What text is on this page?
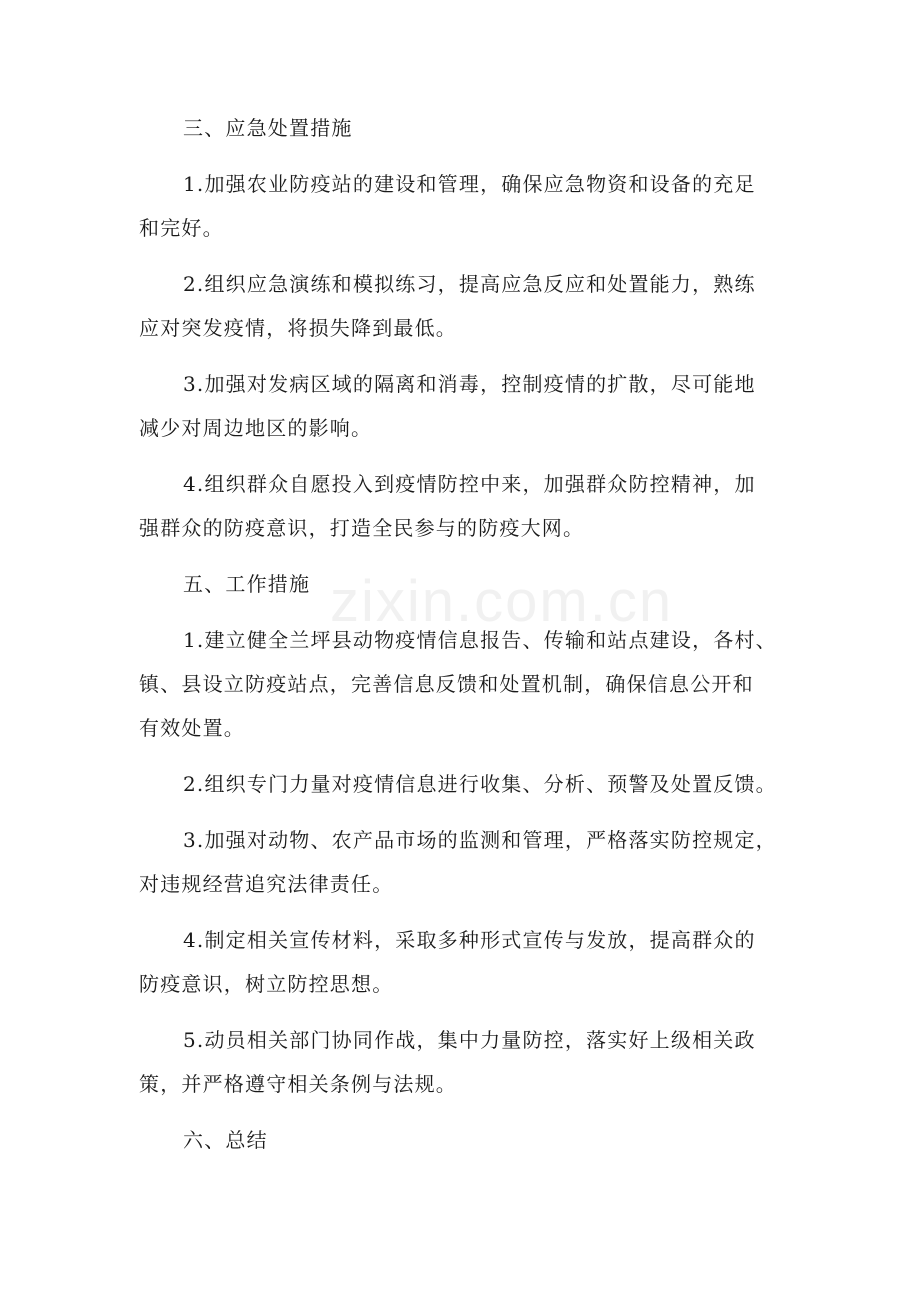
zixin.com.cn
三、应急处置措施
1.加强农业防疫站的建设和管理，确保应急物资和设备的充足
和完好。
2.组织应急演练和模拟练习，提高应急反应和处置能力，熟练
应对突发疫情，将损失降到最低。
3.加强对发病区域的隔离和消毒，控制疫情的扩散，尽可能地
减少对周边地区的影响。
4.组织群众自愿投入到疫情防控中来，加强群众防控精神，加
强群众的防疫意识，打造全民参与的防疫大网。
五、工作措施
1.建立健全兰坪县动物疫情信息报告、传输和站点建设，各村、
镇、县设立防疫站点，完善信息反馈和处置机制，确保信息公开和
有效处置。
2.组织专门力量对疫情信息进行收集、分析、预警及处置反馈。
3.加强对动物、农产品市场的监测和管理，严格落实防控规定，
对违规经营追究法律责任。
4.制定相关宣传材料，采取多种形式宣传与发放，提高群众的
防疫意识，树立防控思想。
5.动员相关部门协同作战，集中力量防控，落实好上级相关政
策，并严格遵守相关条例与法规。
六、总结
